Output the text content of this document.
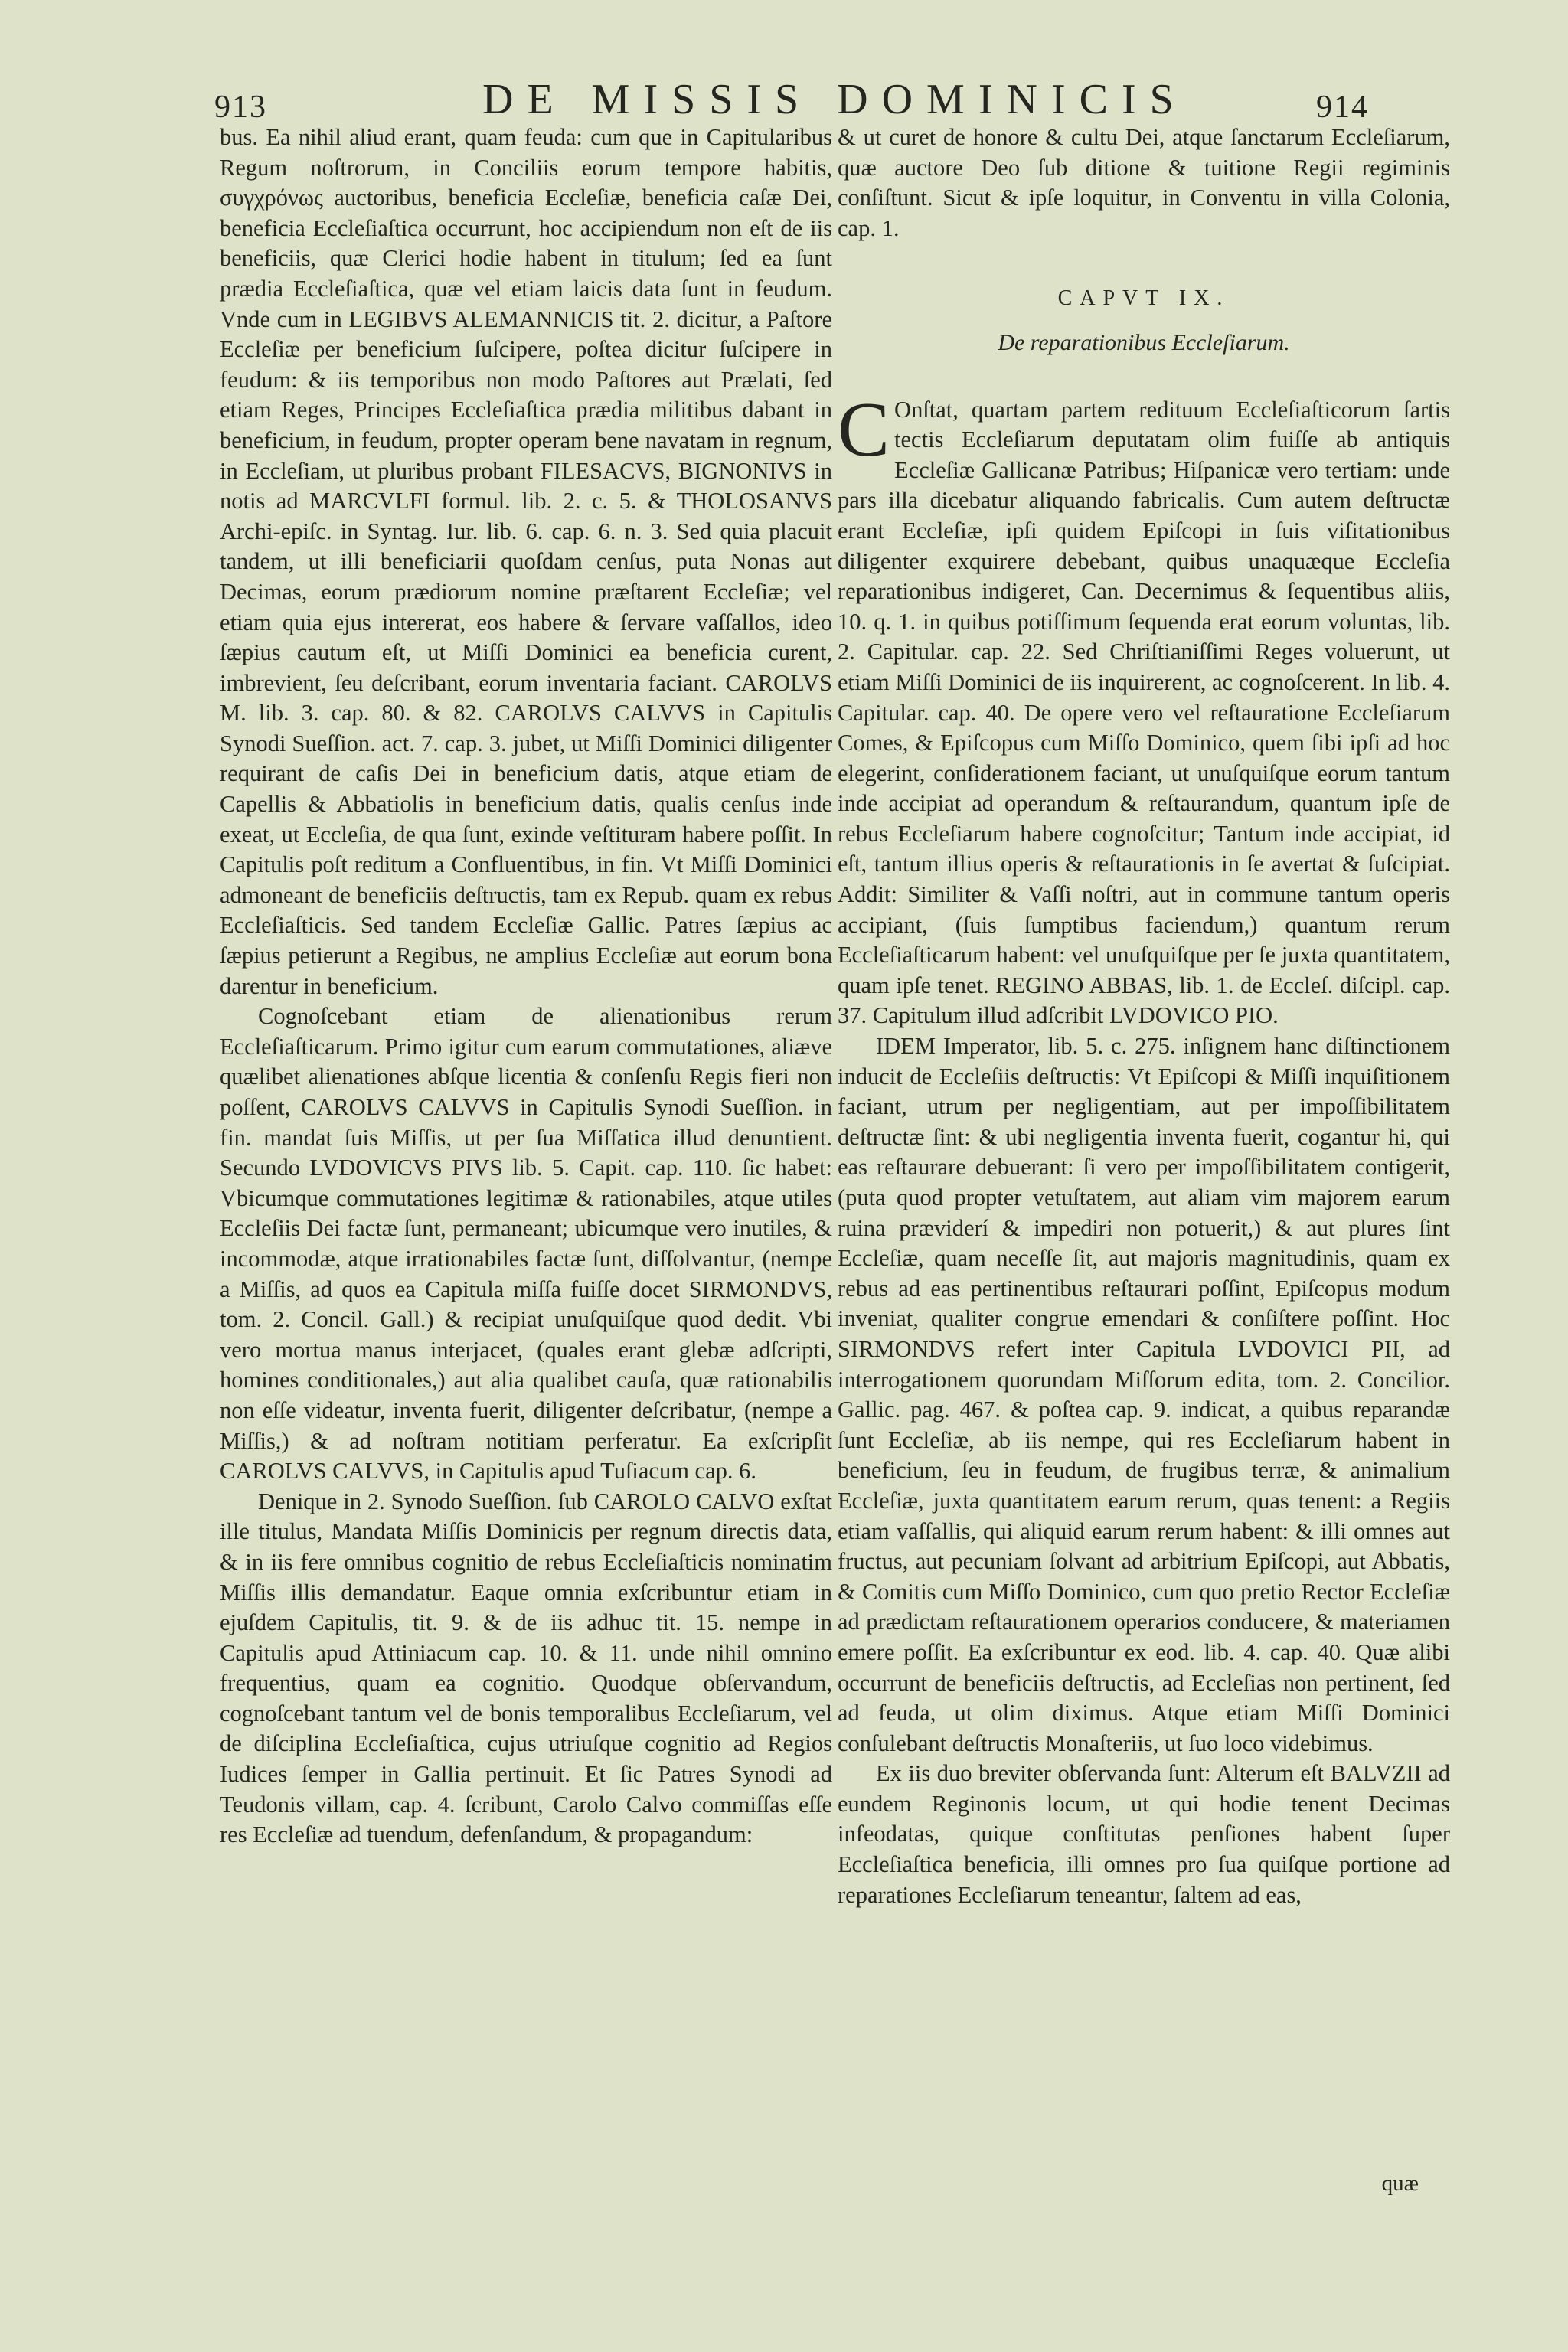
913	DE MISSIS DOMINICIS	914

bus. Ea nihil aliud erant, quam feuda: cum que in Capitularibus Regum noſtrorum, in Conciliis eorum tempore habitis, συγχρόνως auctoribus, beneficia Eccleſiæ, beneficia caſæ Dei, beneficia Eccleſiaſtica occurrunt, hoc accipiendum non eſt de iis beneficiis, quæ Clerici hodie habent in titulum; ſed ea ſunt prædia Eccleſiaſtica, quæ vel etiam laicis data ſunt in feudum. Vnde cum in LEGIBVS ALEMANNICIS tit. 2. dicitur, a Paſtore Eccleſiæ per beneficium ſuſcipere, poſtea dicitur ſuſcipere in feudum: & iis temporibus non modo Paſtores aut Prælati, ſed etiam Reges, Principes Eccleſiaſtica prædia militibus dabant in beneficium, in feudum, propter operam bene navatam in regnum, in Eccleſiam, ut pluribus probant FILESACVS, BIGNONIVS in notis ad MARCVLFI formul. lib. 2. c. 5. & THOLOSANVS Archi-epiſc. in Syntag. Iur. lib. 6. cap. 6. n. 3. Sed quia placuit tandem, ut illi beneficiarii quoſdam cenſus, puta Nonas aut Decimas, eorum prædiorum nomine præſtarent Eccleſiæ; vel etiam quia ejus intererat, eos habere & ſervare vaſſallos, ideo ſæpius cautum eſt, ut Miſſi Dominici ea beneficia curent, imbrevient, ſeu deſcribant, eorum inventaria faciant. CAROLVS M. lib. 3. cap. 80. & 82. CAROLVS CALVVS in Capitulis Synodi Sueſſion. act. 7. cap. 3. jubet, ut Miſſi Dominici diligenter requirant de caſis Dei in beneficium datis, atque etiam de Capellis & Abbatiolis in beneficium datis, qualis cenſus inde exeat, ut Eccleſia, de qua ſunt, exinde veſtituram habere poſſit. In Capitulis poſt reditum a Confluentibus, in fin. Vt Miſſi Dominici admoneant de beneficiis deſtructis, tam ex Repub. quam ex rebus Eccleſiaſticis. Sed tandem Eccleſiæ Gallic. Patres ſæpius ac ſæpius petierunt a Regibus, ne amplius Eccleſiæ aut eorum bona darentur in beneficium.

Cognoſcebant etiam de alienationibus rerum Eccleſiaſticarum. Primo igitur cum earum commutationes, aliæve quælibet alienationes abſque licentia & conſenſu Regis fieri non poſſent, CAROLVS CALVVS in Capitulis Synodi Sueſſion. in fin. mandat ſuis Miſſis, ut per ſua Miſſatica illud denuntient. Secundo LVDOVICVS PIVS lib. 5. Capit. cap. 110. ſic habet: Vbicumque commutationes legitimæ & rationabiles, atque utiles Eccleſiis Dei factæ ſunt, permaneant; ubicumque vero inutiles, & incommodæ, atque irrationabiles factæ ſunt, diſſolvantur, (nempe a Miſſis, ad quos ea Capitula miſſa fuiſſe docet SIRMONDVS, tom. 2. Concil. Gall.) & recipiat unuſquiſque quod dedit. Vbi vero mortua manus interjacet, (quales erant glebæ adſcripti, homines conditionales,) aut alia qualibet cauſa, quæ rationabilis non eſſe videatur, inventa fuerit, diligenter deſcribatur, (nempe a Miſſis,) & ad noſtram notitiam perferatur. Ea exſcripſit CAROLVS CALVVS, in Capitulis apud Tuſiacum cap. 6.

Denique in 2. Synodo Sueſſion. ſub CAROLO CALVO exſtat ille titulus, Mandata Miſſis Dominicis per regnum directis data, & in iis fere omnibus cognitio de rebus Eccleſiaſticis nominatim Miſſis illis demandatur. Eaque omnia exſcribuntur etiam in ejuſdem Capitulis, tit. 9. & de iis adhuc tit. 15. nempe in Capitulis apud Attiniacum cap. 10. & 11. unde nihil omnino frequentius, quam ea cognitio. Quodque obſervandum, cognoſcebant tantum vel de bonis temporalibus Eccleſiarum, vel de diſciplina Eccleſiaſtica, cujus utriuſque cognitio ad Regios Iudices ſemper in Gallia pertinuit. Et ſic Patres Synodi ad Teudonis villam, cap. 4. ſcribunt, Carolo Calvo commiſſas eſſe res Eccleſiæ ad tuendum, defenſandum, & propagandum:

& ut curet de honore & cultu Dei, atque ſanctarum Eccleſiarum, quæ auctore Deo ſub ditione & tuitione Regii regiminis conſiſtunt. Sicut & ipſe loquitur, in Conventu in villa Colonia, cap. 1.

CAPVT IX.
De reparationibus Eccleſiarum.

COnſtat, quartam partem redituum Eccleſiaſticorum ſartis tectis Eccleſiarum deputatam olim fuiſſe ab antiquis Eccleſiæ Gallicanæ Patribus; Hiſpanicæ vero tertiam: unde pars illa dicebatur aliquando fabricalis. Cum autem deſtructæ erant Eccleſiæ, ipſi quidem Epiſcopi in ſuis viſitationibus diligenter exquirere debebant, quibus unaquæque Eccleſia reparationibus indigeret, Can. Decernimus & ſequentibus aliis, 10. q. 1. in quibus potiſſimum ſequenda erat eorum voluntas, lib. 2. Capitular. cap. 22. Sed Chriſtianiſſimi Reges voluerunt, ut etiam Miſſi Dominici de iis inquirerent, ac cognoſcerent. In lib. 4. Capitular. cap. 40. De opere vero vel reſtauratione Eccleſiarum Comes, & Epiſcopus cum Miſſo Dominico, quem ſibi ipſi ad hoc elegerint, conſiderationem faciant, ut unuſquiſque eorum tantum inde accipiat ad operandum & reſtaurandum, quantum ipſe de rebus Eccleſiarum habere cognoſcitur; Tantum inde accipiat, id eſt, tantum illius operis & reſtaurationis in ſe avertat & ſuſcipiat. Addit: Similiter & Vaſſi noſtri, aut in commune tantum operis accipiant, (ſuis ſumptibus faciendum,) quantum rerum Eccleſiaſticarum habent: vel unuſquiſque per ſe juxta quantitatem, quam ipſe tenet. REGINO ABBAS, lib. 1. de Eccleſ. diſcipl. cap. 37. Capitulum illud adſcribit LVDOVICO PIO.

IDEM Imperator, lib. 5. c. 275. inſignem hanc diſtinctionem inducit de Eccleſiis deſtructis: Vt Epiſcopi & Miſſi inquiſitionem faciant, utrum per negligentiam, aut per impoſſibilitatem deſtructæ ſint: & ubi negligentia inventa fuerit, cogantur hi, qui eas reſtaurare debuerant: ſi vero per impoſſibilitatem contigerit, (puta quod propter vetuſtatem, aut aliam vim majorem earum ruina præviderí & impediri non potuerit,) & aut plures ſint Eccleſiæ, quam neceſſe ſit, aut majoris magnitudinis, quam ex rebus ad eas pertinentibus reſtaurari poſſint, Epiſcopus modum inveniat, qualiter congrue emendari & conſiſtere poſſint. Hoc SIRMONDVS refert inter Capitula LVDOVICI PII, ad interrogationem quorundam Miſſorum edita, tom. 2. Concilior. Gallic. pag. 467. & poſtea cap. 9. indicat, a quibus reparandæ ſunt Eccleſiæ, ab iis nempe, qui res Eccleſiarum habent in beneficium, ſeu in feudum, de frugibus terræ, & animalium Eccleſiæ, juxta quantitatem earum rerum, quas tenent: a Regiis etiam vaſſallis, qui aliquid earum rerum habent: & illi omnes aut fructus, aut pecuniam ſolvant ad arbitrium Epiſcopi, aut Abbatis, & Comitis cum Miſſo Dominico, cum quo pretio Rector Eccleſiæ ad prædictam reſtaurationem operarios conducere, & materiamen emere poſſit. Ea exſcribuntur ex eod. lib. 4. cap. 40. Quæ alibi occurrunt de beneficiis deſtructis, ad Eccleſias non pertinent, ſed ad feuda, ut olim diximus. Atque etiam Miſſi Dominici conſulebant deſtructis Monaſteriis, ut ſuo loco videbimus.

Ex iis duo breviter obſervanda ſunt: Alterum eſt BALVZII ad eundem Reginonis locum, ut qui hodie tenent Decimas infeodatas, quique conſtitutas penſiones habent ſuper Eccleſiaſtica beneficia, illi omnes pro ſua quiſque portione ad reparationes Eccleſiarum teneantur, ſaltem ad eas,

quæ
